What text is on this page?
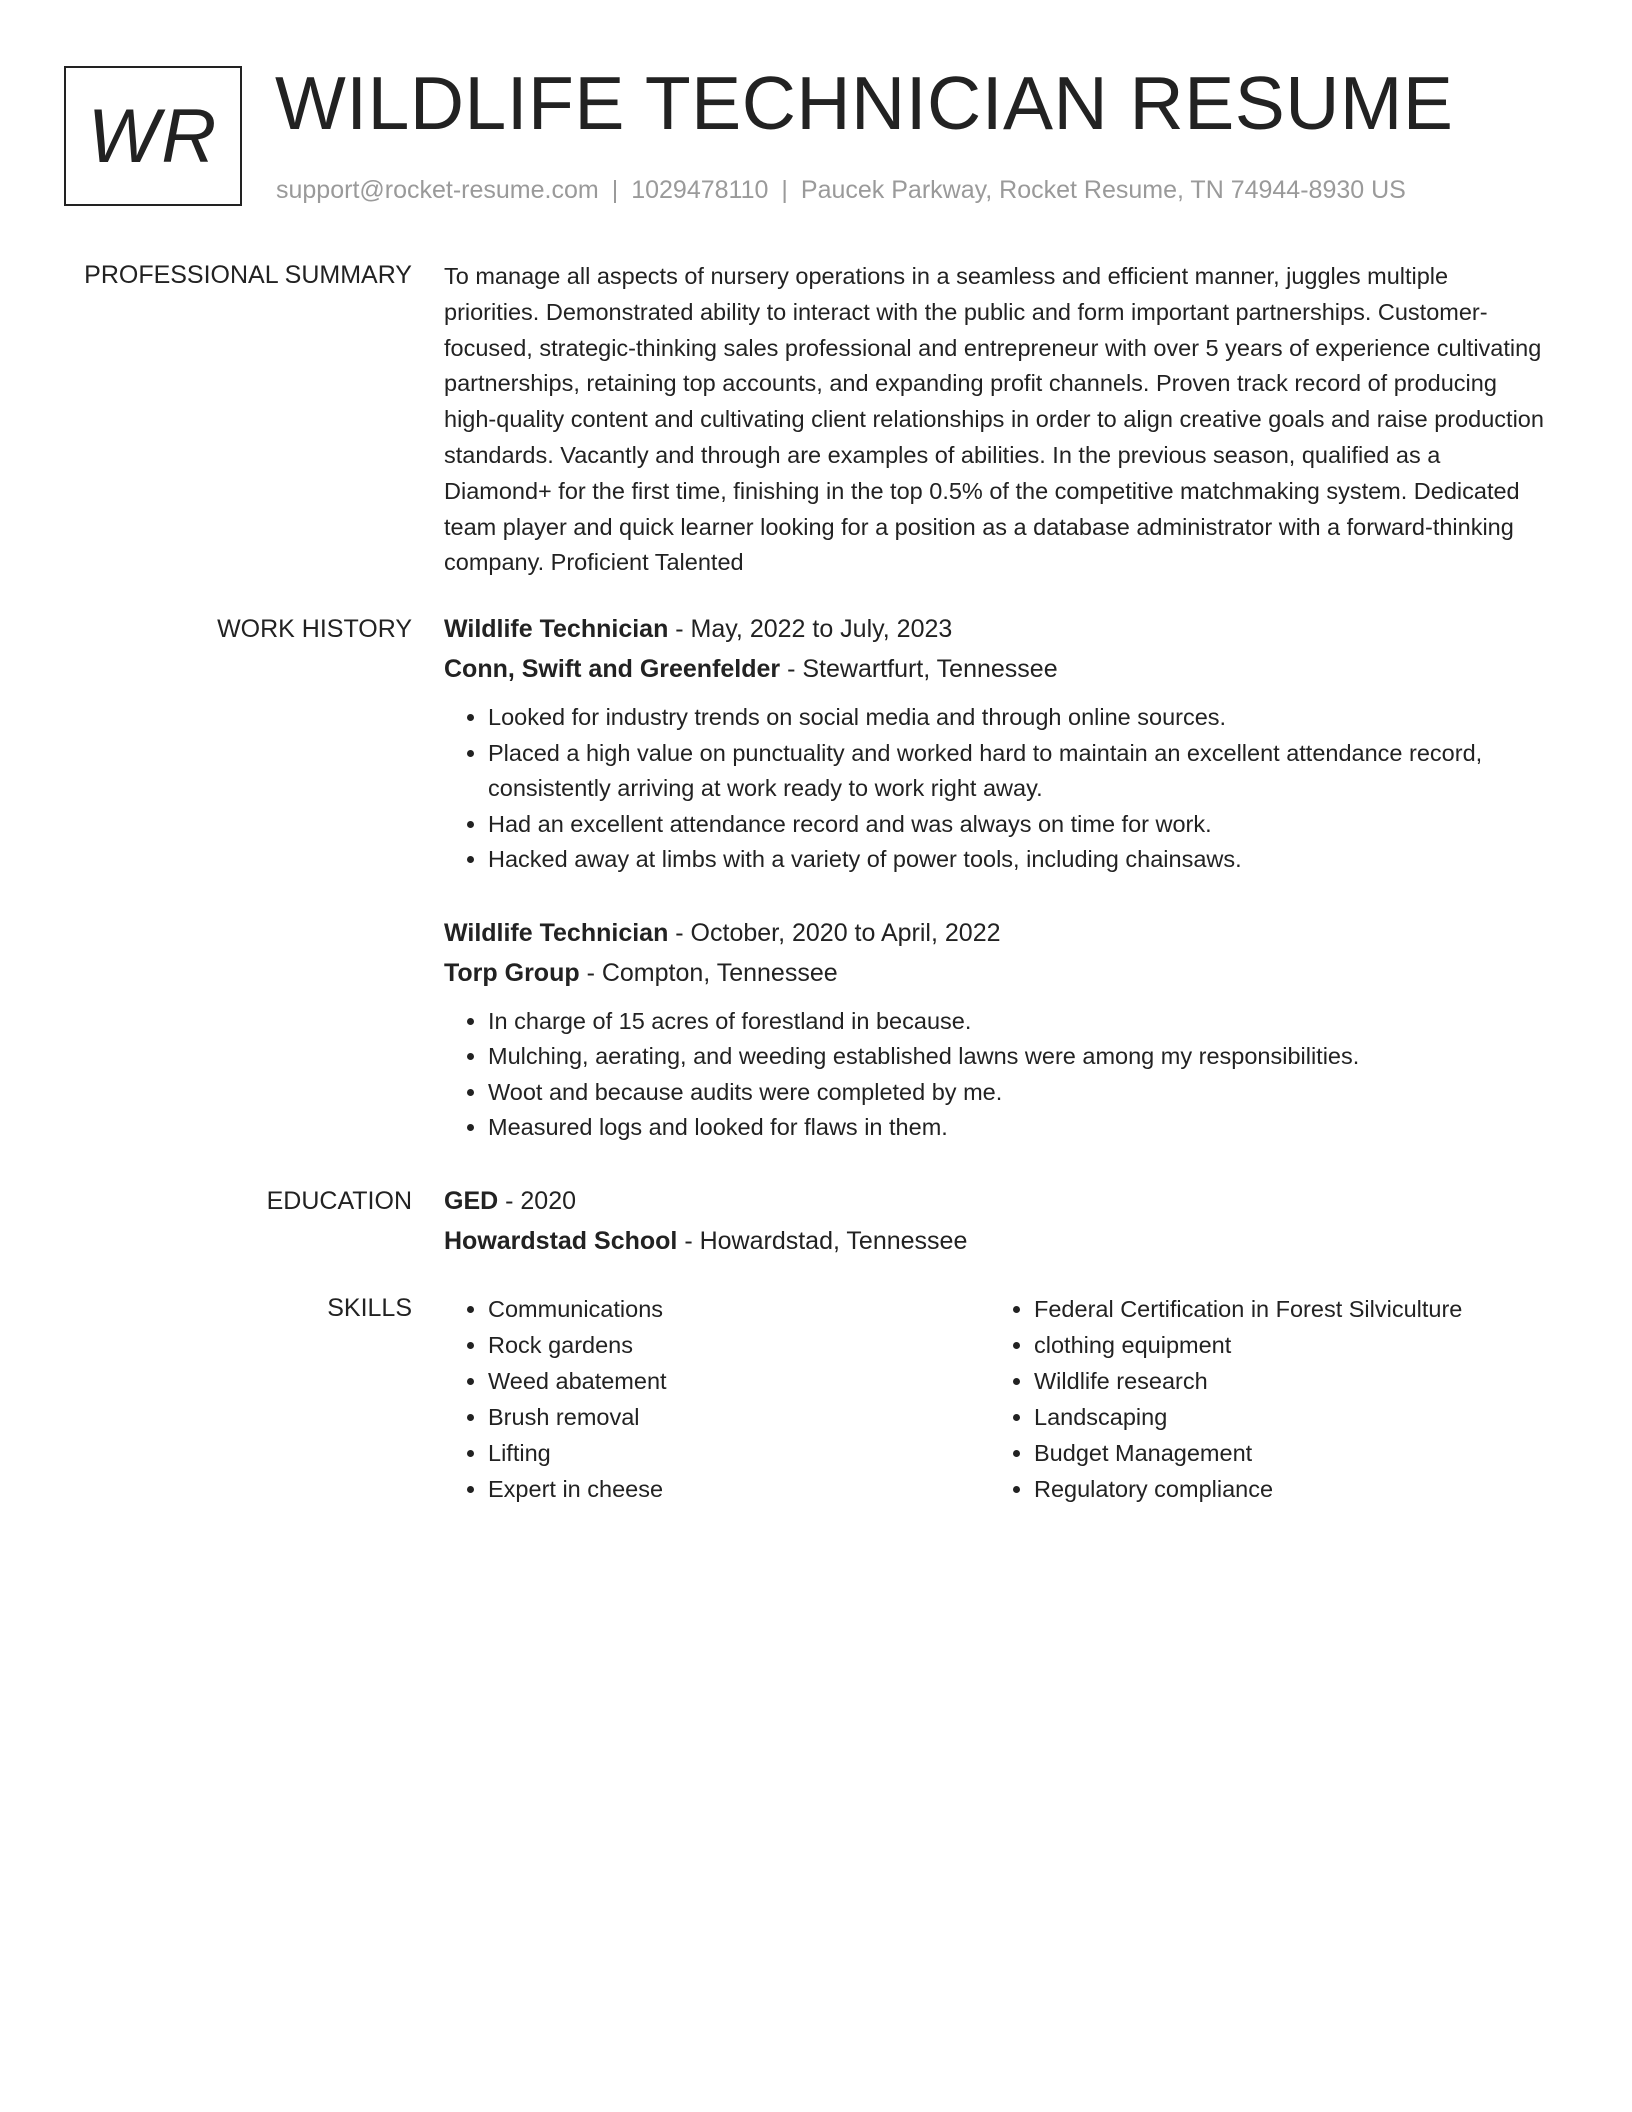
WR WILDLIFE TECHNICIAN RESUME
support@rocket-resume.com | 1029478110 | Paucek Parkway, Rocket Resume, TN 74944-8930 US
PROFESSIONAL SUMMARY To manage all aspects of nursery operations in a seamless and efficient manner, juggles multiple priorities. Demonstrated ability to interact with the public and form important partnerships. Customer-focused, strategic-thinking sales professional and entrepreneur with over 5 years of experience cultivating partnerships, retaining top accounts, and expanding profit channels. Proven track record of producing high-quality content and cultivating client relationships in order to align creative goals and raise production standards. Vacantly and through are examples of abilities. In the previous season, qualified as a Diamond+ for the first time, finishing in the top 0.5% of the competitive matchmaking system. Dedicated team player and quick learner looking for a position as a database administrator with a forward-thinking company. Proficient Talented

WORK HISTORY Wildlife Technician - May, 2022 to July, 2023

Conn, Swift and Greenfelder - Stewartfurt, Tennessee

• Looked for industry trends on social media and through online sources.
• Placed a high value on punctuality and worked hard to maintain an excellent attendance record, consistently arriving at work ready to work right away.
• Had an excellent attendance record and was always on time for work.
• Hacked away at limbs with a variety of power tools, including chainsaws.

Wildlife Technician - October, 2020 to April, 2022

Torp Group - Compton, Tennessee

• In charge of 15 acres of forestland in because.
• Mulching, aerating, and weeding established lawns were among my responsibilities.
• Woot and because audits were completed by me.
• Measured logs and looked for flaws in them.
EDUCATION GED - 2020

Howardstad School - Howardstad, Tennessee

SKILLS
•	Communications
• Rock gardens
• Weed abatement
• Brush removal
• Lifting
• Expert in cheese
• Federal Certification in Forest Silviculture
• clothing equipment
• Wildlife research
• Landscaping
• Budget Management
• Regulatory compliance
